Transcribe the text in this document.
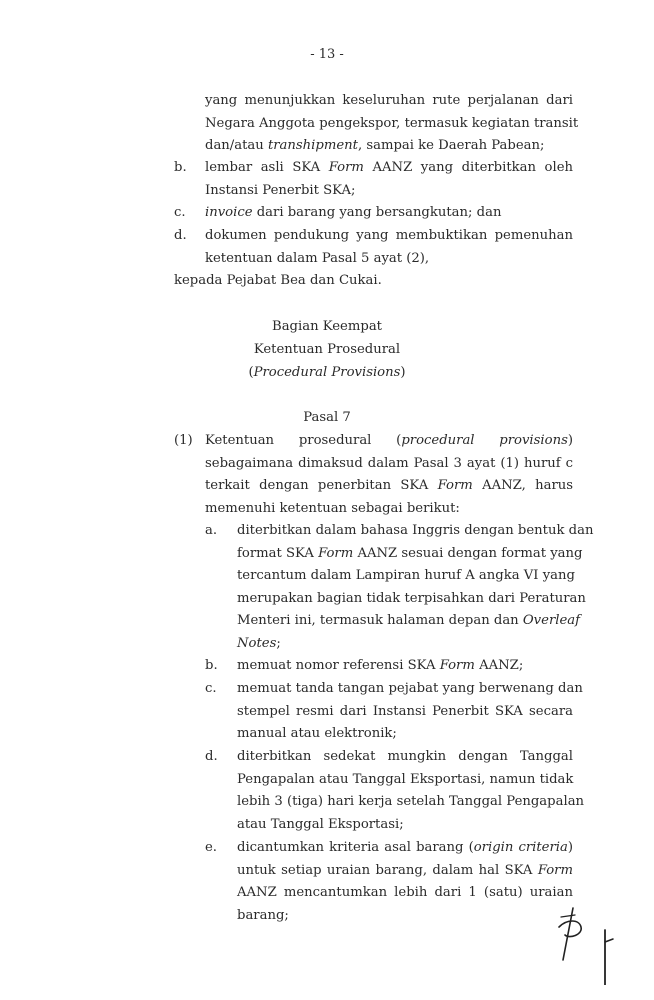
- 13 -
yang menunjukkan keseluruhan rute perjalanan dari
Negara Anggota pengekspor, termasuk kegiatan transit
dan/atau transhipment, sampai ke Daerah Pabean;
b. lembar asli SKA Form AANZ yang diterbitkan oleh
Instansi Penerbit SKA;
c. invoice dari barang yang bersangkutan; dan
d. dokumen pendukung yang membuktikan pemenuhan
ketentuan dalam Pasal 5 ayat (2),
kepada Pejabat Bea dan Cukai.
Bagian Keempat
Ketentuan Prosedural
(Procedural Provisions)
Pasal 7
(1) Ketentuan prosedural (procedural provisions)
sebagaimana dimaksud dalam Pasal 3 ayat (1) huruf c
terkait dengan penerbitan SKA Form AANZ, harus
memenuhi ketentuan sebagai berikut:
a. diterbitkan dalam bahasa Inggris dengan bentuk dan
format SKA Form AANZ sesuai dengan format yang
tercantum dalam Lampiran huruf A angka VI yang
merupakan bagian tidak terpisahkan dari Peraturan
Menteri ini, termasuk halaman depan dan Overleaf
Notes;
b. memuat nomor referensi SKA Form AANZ;
c. memuat tanda tangan pejabat yang berwenang dan
stempel resmi dari Instansi Penerbit SKA secara
manual atau elektronik;
d. diterbitkan sedekat mungkin dengan Tanggal
Pengapalan atau Tanggal Eksportasi, namun tidak
lebih 3 (tiga) hari kerja setelah Tanggal Pengapalan
atau Tanggal Eksportasi;
e. dicantumkan kriteria asal barang (origin criteria)
untuk setiap uraian barang, dalam hal SKA Form
AANZ mencantumkan lebih dari 1 (satu) uraian
barang;
